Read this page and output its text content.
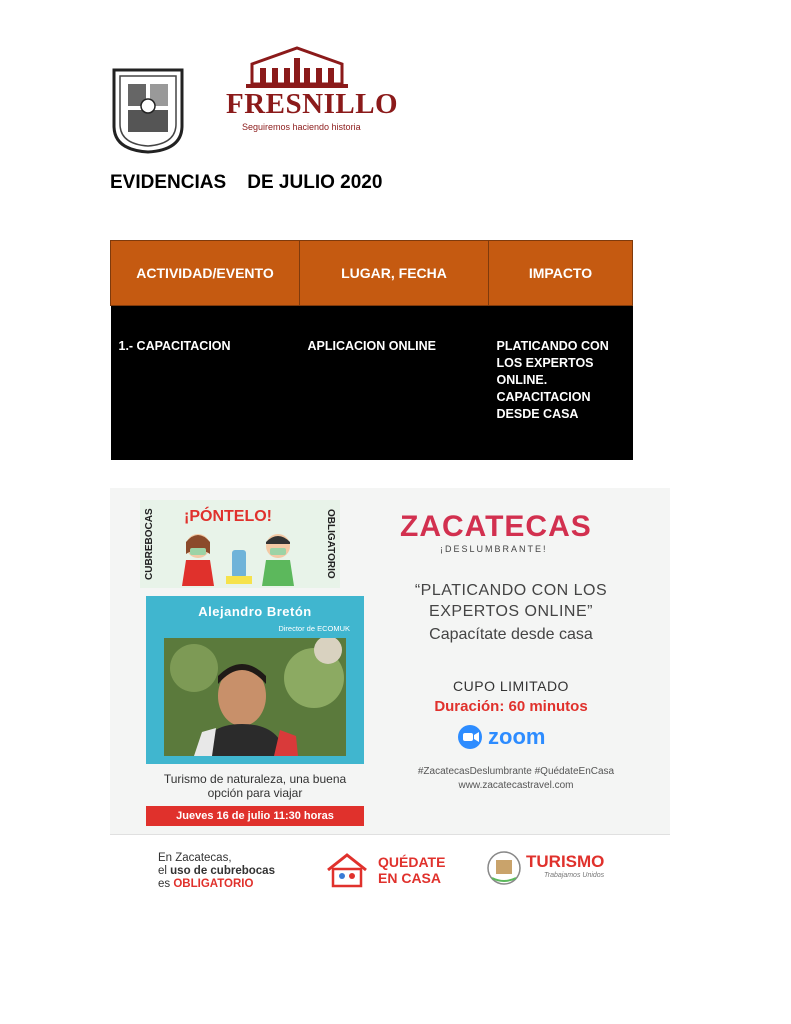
FRESNILLO
Seguiremos haciendo historia
EVIDENCIAS    DE JULIO 2020
ACTIVIDAD/EVENTO	LUGAR, FECHA	IMPACTO
1.- CAPACITACION	APLICACION ONLINE	PLATICANDO CON LOS EXPERTOS ONLINE. CAPACITACION DESDE CASA
CUBREBOCAS	¡PÓNTELO!	OBLIGATORIO
Alejandro Bretón
Director de ECOMUK
Turismo de naturaleza, una buena opción para viajar
Jueves 16 de julio 11:30 horas
ZACATECAS
¡DESLUMBRANTE!
“PLATICANDO CON LOS EXPERTOS ONLINE”
Capacítate desde casa
CUPO LIMITADO
Duración: 60 minutos
zoom
#ZacatecasDeslumbrante #QuédateEnCasa
www.zacatecastravel.com
En Zacatecas,
el uso de cubrebocas
es OBLIGATORIO
QUÉDATE
EN CASA
TURISMO
Trabajamos Unidos
